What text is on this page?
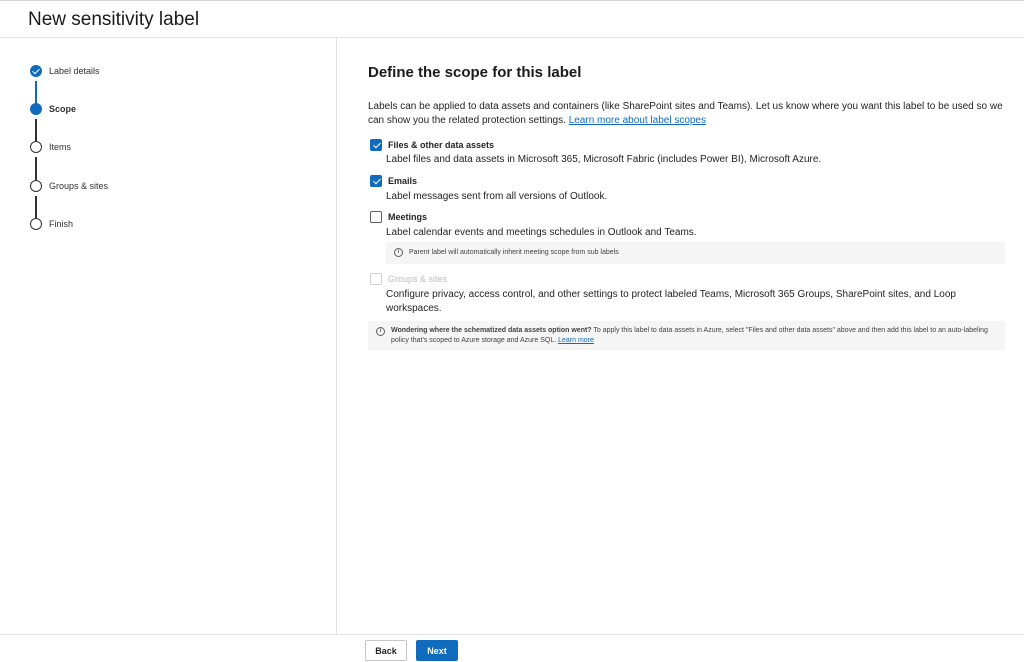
New sensitivity label
Label details
Scope
Items
Groups & sites
Finish
Define the scope for this label

Labels can be applied to data assets and containers (like SharePoint sites and Teams). Let us know where you want this label to be used so we can show you the related protection settings. Learn more about label scopes

Files & other data assets
Label files and data assets in Microsoft 365, Microsoft Fabric (includes Power BI), Microsoft Azure.
Emails
Label messages sent from all versions of Outlook.
Meetings
Label calendar events and meetings schedules in Outlook and Teams.
i	Parent label will automatically inherit meeting scope from sub labels
Groups & sites
Configure privacy, access control, and other settings to protect labeled Teams, Microsoft 365 Groups, SharePoint sites, and Loop workspaces.
i	Wondering where the schematized data assets option went? To apply this label to data assets in Azure, select "Files and other data assets" above and then add this label to an auto-labeling policy that's scoped to Azure storage and Azure SQL. Learn more
Back	Next
